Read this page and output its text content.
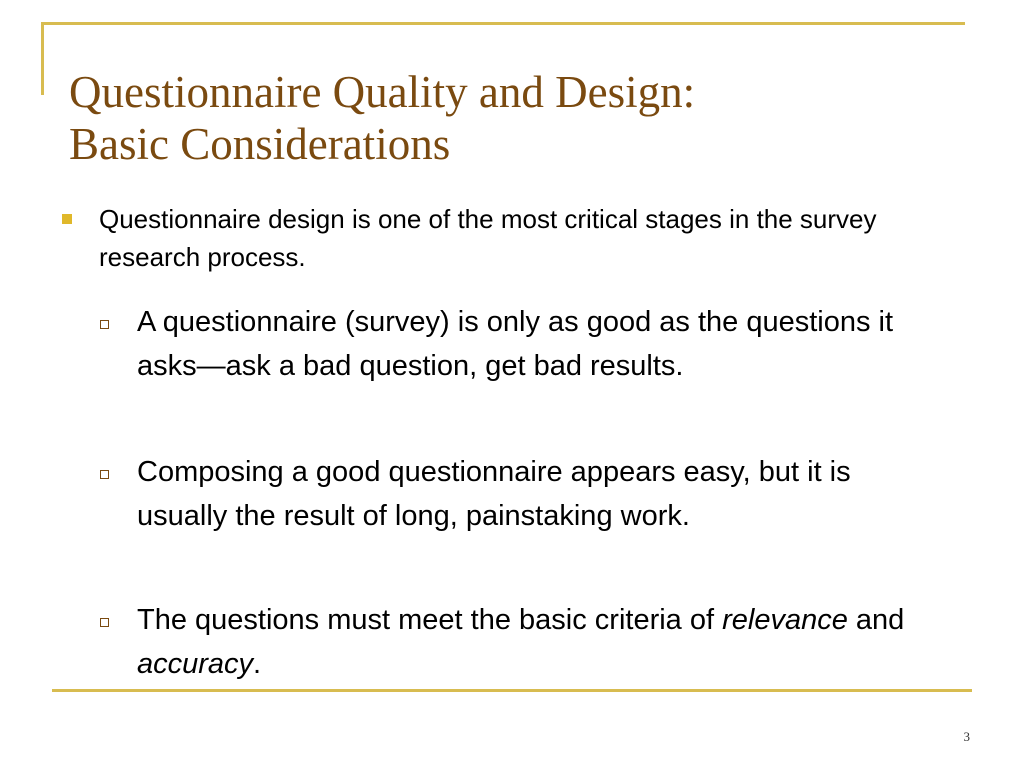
Questionnaire Quality and Design:
Basic Considerations
Questionnaire design is one of the most critical stages in the survey research process.
A questionnaire (survey) is only as good as the questions it asks—ask a bad question, get bad results.
Composing a good questionnaire appears easy, but it is usually the result of long, painstaking work.
The questions must meet the basic criteria of relevance and accuracy.
3
